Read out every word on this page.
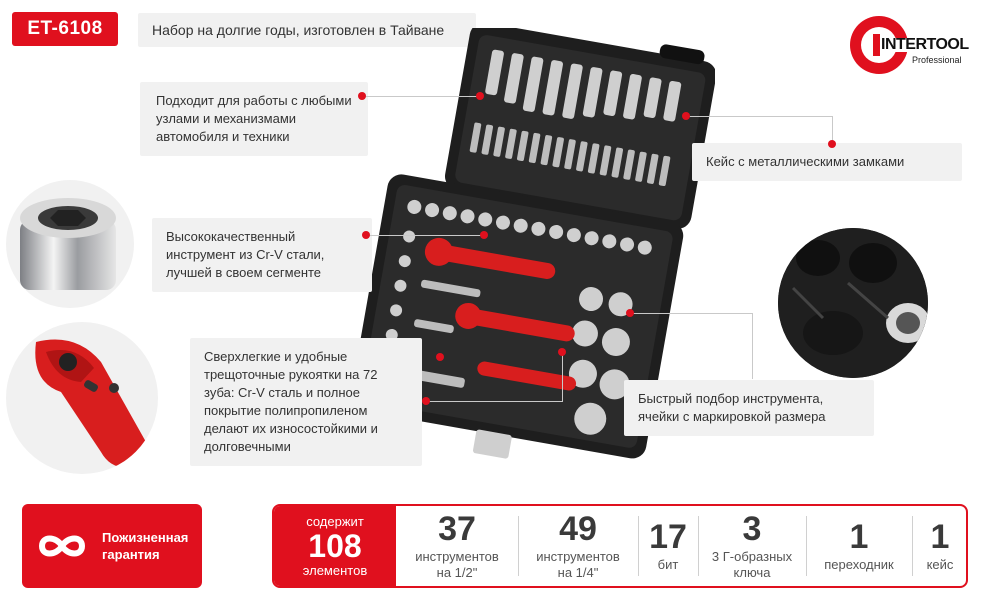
ET-6108	Набор на долгие годы, изготовлен в Тайване
INTERTOOL
Professional
Подходит для работы с любыми узлами и механизмами автомобиля и техники
Высококачественный инструмент из Cr-V стали, лучшей в своем сегменте
Сверхлегкие и удобные трещоточные рукоятки на 72 зуба: Cr-V сталь и полное покрытие полипропиленом делают их износостойкими и долговечными
Кейс с металлическими замками
Быстрый подбор инструмента, ячейки с маркировкой размера
Пожизненная гарантия
содержит
108
элементов
37
инструментов на 1/2"
49
инструментов на 1/4"
17
бит
3
3 Г-образных ключа
1
переходник
1
кейс
